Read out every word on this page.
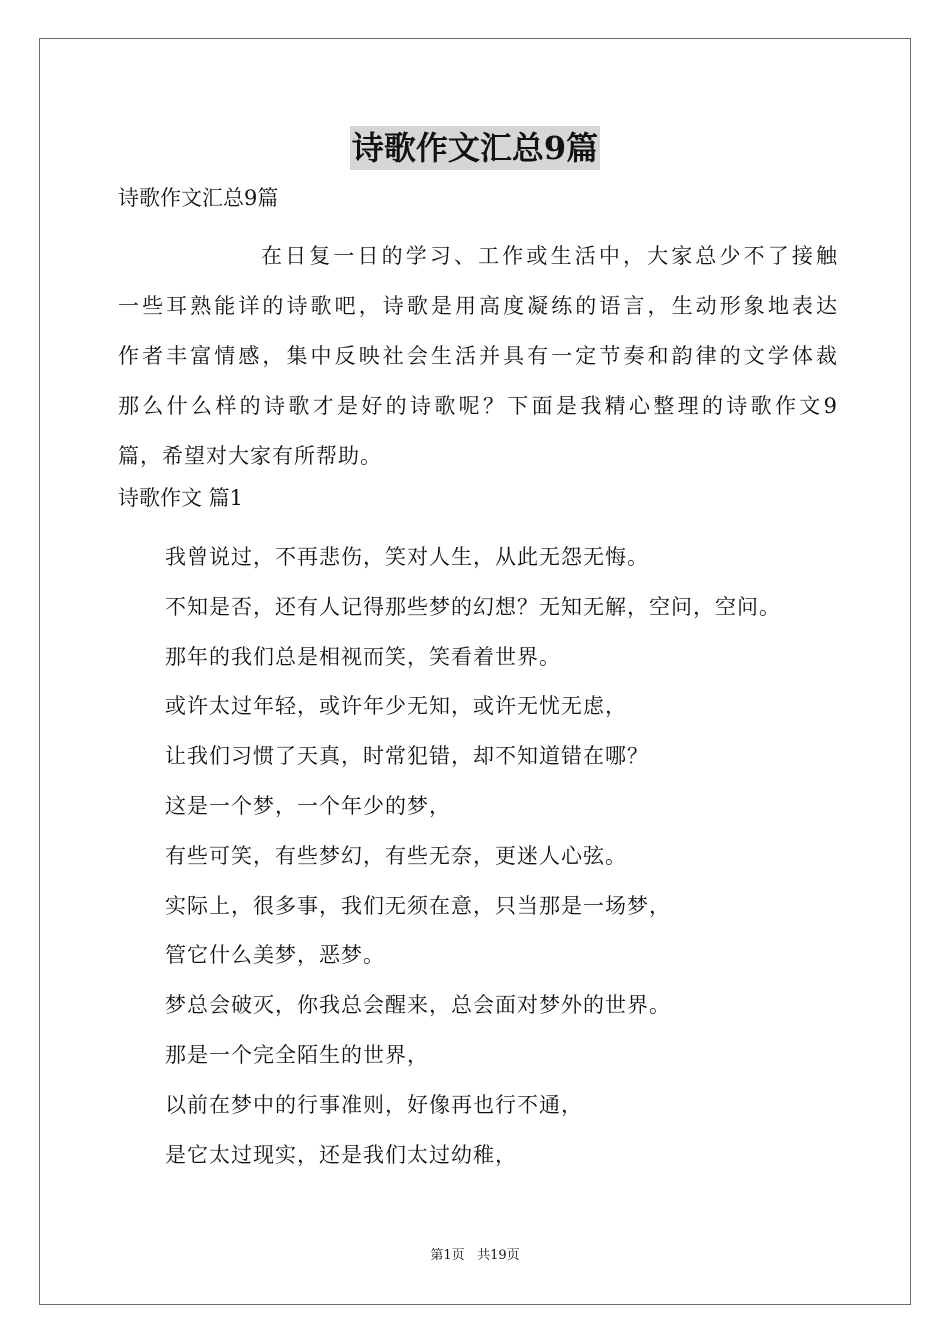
诗歌作文汇总9篇
诗歌作文汇总9篇
在日复一日的学习、工作或生活中，大家总少不了接触
一些耳熟能详的诗歌吧，诗歌是用高度凝练的语言，生动形象地表达
作者丰富情感，集中反映社会生活并具有一定节奏和韵律的文学体裁
那么什么样的诗歌才是好的诗歌呢？下面是我精心整理的诗歌作文9
篇，希望对大家有所帮助。
诗歌作文 篇1
我曾说过，不再悲伤，笑对人生，从此无怨无悔。
不知是否，还有人记得那些梦的幻想？无知无解，空问，空问。
那年的我们总是相视而笑，笑看着世界。
或许太过年轻，或许年少无知，或许无忧无虑，
让我们习惯了天真，时常犯错，却不知道错在哪？
这是一个梦，一个年少的梦，
有些可笑，有些梦幻，有些无奈，更迷人心弦。
实际上，很多事，我们无须在意，只当那是一场梦，
管它什么美梦，恶梦。
梦总会破灭，你我总会醒来，总会面对梦外的世界。
那是一个完全陌生的世界，
以前在梦中的行事准则，好像再也行不通，
是它太过现实，还是我们太过幼稚，
第1页 共19页
